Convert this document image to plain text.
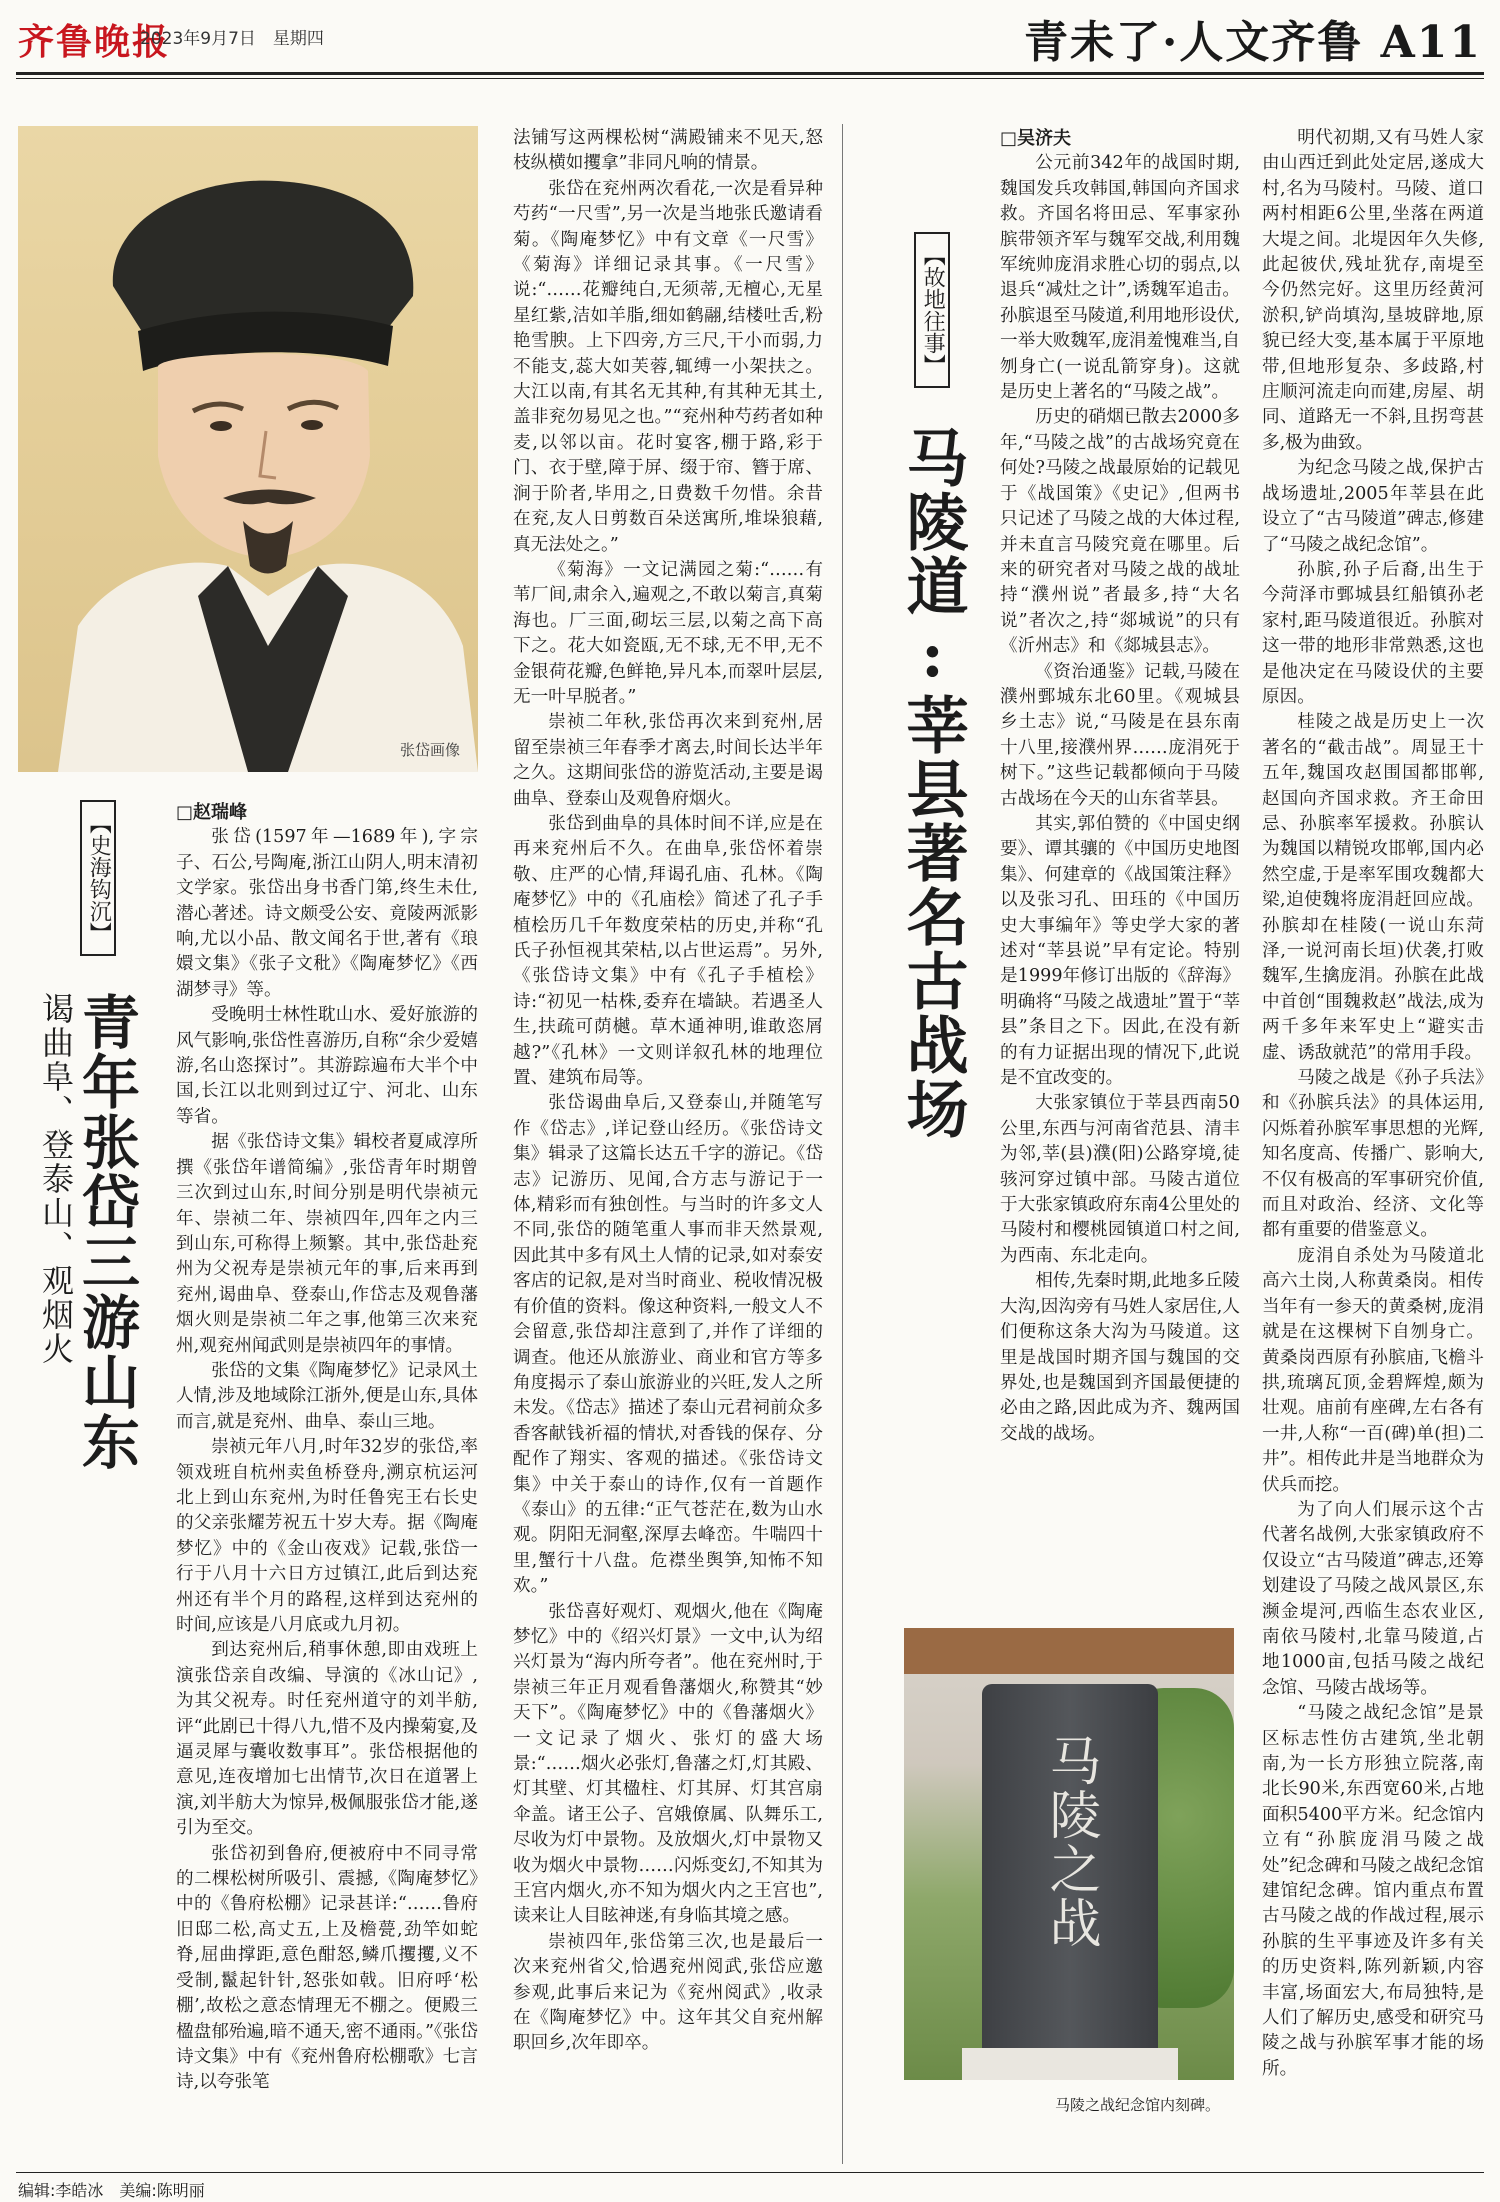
齐鲁晚报
2023年9月7日　星期四	青未了·人文齐鲁 A11
张岱画像
【史海钩沉】
青年张岱三游山东
谒曲阜、登泰山、观烟火

□赵瑞峰

张岱(1597年—1689年),字宗子、石公,号陶庵,浙江山阴人,明末清初文学家。张岱出身书香门第,终生未仕,潜心著述。诗文颇受公安、竟陵两派影响,尤以小品、散文闻名于世,著有《琅嬛文集》《张子文秕》《陶庵梦忆》《西湖梦寻》等。

受晚明士林性耽山水、爱好旅游的风气影响,张岱性喜游历,自称“余少爱嬉游,名山恣探讨”。其游踪遍布大半个中国,长江以北则到过辽宁、河北、山东等省。

据《张岱诗文集》辑校者夏咸淳所撰《张岱年谱简编》,张岱青年时期曾三次到过山东,时间分别是明代崇祯元年、崇祯二年、崇祯四年,四年之内三到山东,可称得上频繁。其中,张岱赴兖州为父祝寿是崇祯元年的事,后来再到兖州,谒曲阜、登泰山,作岱志及观鲁藩烟火则是崇祯二年之事,他第三次来兖州,观兖州闻武则是崇祯四年的事情。

张岱的文集《陶庵梦忆》记录风土人情,涉及地域除江浙外,便是山东,具体而言,就是兖州、曲阜、泰山三地。

崇祯元年八月,时年32岁的张岱,率领戏班自杭州卖鱼桥登舟,溯京杭运河北上到山东兖州,为时任鲁宪王右长史的父亲张耀芳祝五十岁大寿。据《陶庵梦忆》中的《金山夜戏》记载,张岱一行于八月十六日方过镇江,此后到达兖州还有半个月的路程,这样到达兖州的时间,应该是八月底或九月初。

到达兖州后,稍事休憩,即由戏班上演张岱亲自改编、导演的《冰山记》,为其父祝寿。时任兖州道守的刘半舫,评“此剧已十得八九,惜不及内操菊宴,及逼灵犀与囊收数事耳”。张岱根据他的意见,连夜增加七出情节,次日在道署上演,刘半舫大为惊异,极佩服张岱才能,遂引为至交。

张岱初到鲁府,便被府中不同寻常的二棵松树所吸引、震撼,《陶庵梦忆》中的《鲁府松棚》记录甚详:“……鲁府旧邸二松,高丈五,上及檐甍,劲竿如蛇脊,屈曲撑距,意色酣怒,鳞爪攫攫,义不受制,鬣起针针,怒张如戟。旧府呼‘松棚’,故松之意态情理无不棚之。便殿三楹盘郁殆遍,暗不通天,密不通雨。”《张岱诗文集》中有《兖州鲁府松棚歌》七言诗,以夸张笔

法铺写这两棵松树“满殿铺来不见天,怒枝纵横如攫拿”非同凡响的情景。

张岱在兖州两次看花,一次是看异种芍药“一尺雪”,另一次是当地张氏邀请看菊。《陶庵梦忆》中有文章《一尺雪》《菊海》详细记录其事。《一尺雪》说:“……花瓣纯白,无须蒂,无檀心,无星星红紫,洁如羊脂,细如鹤翮,结楼吐舌,粉艳雪腴。上下四旁,方三尺,干小而弱,力不能支,蕊大如芙蓉,辄缚一小架扶之。大江以南,有其名无其种,有其种无其土,盖非兖勿易见之也。”“兖州种芍药者如种麦,以邻以亩。花时宴客,棚于路,彩于门、衣于壁,障于屏、缀于帘、簪于席、涧于阶者,毕用之,日费数千勿惜。余昔在兖,友人日剪数百朵送寓所,堆垛狼藉,真无法处之。”

《菊海》一文记满园之菊:“……有苇厂间,肃余入,遍观之,不敢以菊言,真菊海也。厂三面,砌坛三层,以菊之高下高下之。花大如瓷瓯,无不球,无不甲,无不金银荷花瓣,色鲜艳,异凡本,而翠叶层层,无一叶早脱者。”

崇祯二年秋,张岱再次来到兖州,居留至崇祯三年春季才离去,时间长达半年之久。这期间张岱的游览活动,主要是谒曲阜、登泰山及观鲁府烟火。

张岱到曲阜的具体时间不详,应是在再来兖州后不久。在曲阜,张岱怀着崇敬、庄严的心情,拜谒孔庙、孔林。《陶庵梦忆》中的《孔庙桧》简述了孔子手植桧历几千年数度荣枯的历史,并称“孔氏子孙恒视其荣枯,以占世运焉”。另外,《张岱诗文集》中有《孔子手植桧》诗:“初见一枯株,委弃在墙缺。若遇圣人生,扶疏可荫樾。草木通神明,谁敢恣屑越?”《孔林》一文则详叙孔林的地理位置、建筑布局等。

张岱谒曲阜后,又登泰山,并随笔写作《岱志》,详记登山经历。《张岱诗文集》辑录了这篇长达五千字的游记。《岱志》记游历、见闻,合方志与游记于一体,精彩而有独创性。与当时的许多文人不同,张岱的随笔重人事而非天然景观,因此其中多有风土人情的记录,如对泰安客店的记叙,是对当时商业、税收情况极有价值的资料。像这种资料,一般文人不会留意,张岱却注意到了,并作了详细的调查。他还从旅游业、商业和官方等多角度揭示了泰山旅游业的兴旺,发人之所未发。《岱志》描述了泰山元君祠前众多香客献钱祈福的情状,对香钱的保存、分配作了翔实、客观的描述。《张岱诗文集》中关于泰山的诗作,仅有一首题作《泰山》的五律:“正气苍茫在,数为山水观。阴阳无洞壑,深厚去峰峦。牛喘四十里,蟹行十八盘。危襟坐舆笋,知怖不知欢。”

张岱喜好观灯、观烟火,他在《陶庵梦忆》中的《绍兴灯景》一文中,认为绍兴灯景为“海内所夸者”。他在兖州时,于崇祯三年正月观看鲁藩烟火,称赞其“妙天下”。《陶庵梦忆》中的《鲁藩烟火》一文记录了烟火、张灯的盛大场景:“……烟火必张灯,鲁藩之灯,灯其殿、灯其壁、灯其楹柱、灯其屏、灯其宫扇伞盖。诸王公子、宫娥僚属、队舞乐工,尽收为灯中景物。及放烟火,灯中景物又收为烟火中景物……闪烁变幻,不知其为王宫内烟火,亦不知为烟火内之王宫也”,读来让人目眩神迷,有身临其境之感。

崇祯四年,张岱第三次,也是最后一次来兖州省父,恰遇兖州阅武,张岱应邀参观,此事后来记为《兖州阅武》,收录在《陶庵梦忆》中。这年其父自兖州解职回乡,次年即卒。

【故地往事】
马陵道:莘县著名古战场

□吴济夫

公元前342年的战国时期,魏国发兵攻韩国,韩国向齐国求救。齐国名将田忌、军事家孙膑带领齐军与魏军交战,利用魏军统帅庞涓求胜心切的弱点,以退兵“减灶之计”,诱魏军追击。孙膑退至马陵道,利用地形设伏,一举大败魏军,庞涓羞愧难当,自刎身亡(一说乱箭穿身)。这就是历史上著名的“马陵之战”。

历史的硝烟已散去2000多年,“马陵之战”的古战场究竟在何处?马陵之战最原始的记载见于《战国策》《史记》,但两书只记述了马陵之战的大体过程,并未直言马陵究竟在哪里。后来的研究者对马陵之战的战址持“濮州说”者最多,持“大名说”者次之,持“郯城说”的只有《沂州志》和《郯城县志》。

《资治通鉴》记载,马陵在濮州鄄城东北60里。《观城县乡土志》说,“马陵是在县东南十八里,接濮州界……庞涓死于树下。”这些记载都倾向于马陵古战场在今天的山东省莘县。

其实,郭伯赞的《中国史纲要》、谭其骧的《中国历史地图集》、何建章的《战国策注释》以及张习孔、田珏的《中国历史大事编年》等史学大家的著述对“莘县说”早有定论。特别是1999年修订出版的《辞海》明确将“马陵之战遗址”置于“莘县”条目之下。因此,在没有新的有力证据出现的情况下,此说是不宜改变的。

大张家镇位于莘县西南50公里,东西与河南省范县、清丰为邻,莘(县)濮(阳)公路穿境,徒骇河穿过镇中部。马陵古道位于大张家镇政府东南4公里处的马陵村和樱桃园镇道口村之间,为西南、东北走向。

相传,先秦时期,此地多丘陵大沟,因沟旁有马姓人家居住,人们便称这条大沟为马陵道。这里是战国时期齐国与魏国的交界处,也是魏国到齐国最便捷的必由之路,因此成为齐、魏两国交战的战场。

明代初期,又有马姓人家由山西迁到此处定居,遂成大村,名为马陵村。马陵、道口两村相距6公里,坐落在两道大堤之间。北堤因年久失修,此起彼伏,残址犹存,南堤至今仍然完好。这里历经黄河淤积,铲尚填沟,垦坡辟地,原貌已经大变,基本属于平原地带,但地形复杂、多歧路,村庄顺河流走向而建,房屋、胡同、道路无一不斜,且拐弯甚多,极为曲致。

为纪念马陵之战,保护古战场遗址,2005年莘县在此设立了“古马陵道”碑志,修建了“马陵之战纪念馆”。

孙膑,孙子后裔,出生于今菏泽市鄄城县红船镇孙老家村,距马陵道很近。孙膑对这一带的地形非常熟悉,这也是他决定在马陵设伏的主要原因。

桂陵之战是历史上一次著名的“截击战”。周显王十五年,魏国攻赵围国都邯郸,赵国向齐国求救。齐王命田忌、孙膑率军援救。孙膑认为魏国以精锐攻邯郸,国内必然空虚,于是率军围攻魏都大梁,迫使魏将庞涓赶回应战。孙膑却在桂陵(一说山东菏泽,一说河南长垣)伏袭,打败魏军,生擒庞涓。孙膑在此战中首创“围魏救赵”战法,成为两千多年来军史上“避实击虚、诱敌就范”的常用手段。

马陵之战是《孙子兵法》和《孙膑兵法》的具体运用,闪烁着孙膑军事思想的光辉,知名度高、传播广、影响大,不仅有极高的军事研究价值,而且对政治、经济、文化等都有重要的借鉴意义。

庞涓自杀处为马陵道北高六土岗,人称黄桑岗。相传当年有一参天的黄桑树,庞涓就是在这棵树下自刎身亡。黄桑岗西原有孙膑庙,飞檐斗拱,琉璃瓦顶,金碧辉煌,颇为壮观。庙前有座碑,左右各有一井,人称“一百(碑)单(担)二井”。相传此井是当地群众为伏兵而挖。

为了向人们展示这个古代著名战例,大张家镇政府不仅设立“古马陵道”碑志,还筹划建设了马陵之战风景区,东濒金堤河,西临生态农业区,南依马陵村,北靠马陵道,占地1000亩,包括马陵之战纪念馆、马陵古战场等。

“马陵之战纪念馆”是景区标志性仿古建筑,坐北朝南,为一长方形独立院落,南北长90米,东西宽60米,占地面积5400平方米。纪念馆内立有“孙膑庞涓马陵之战处”纪念碑和马陵之战纪念馆建馆纪念碑。馆内重点布置古马陵之战的作战过程,展示孙膑的生平事迹及许多有关的历史资料,陈列新颖,内容丰富,场面宏大,布局独特,是人们了解历史,感受和研究马陵之战与孙膑军事才能的场所。

马陵之战
马陵之战纪念馆内刻碑。
编辑:李皓冰　美编:陈明丽
